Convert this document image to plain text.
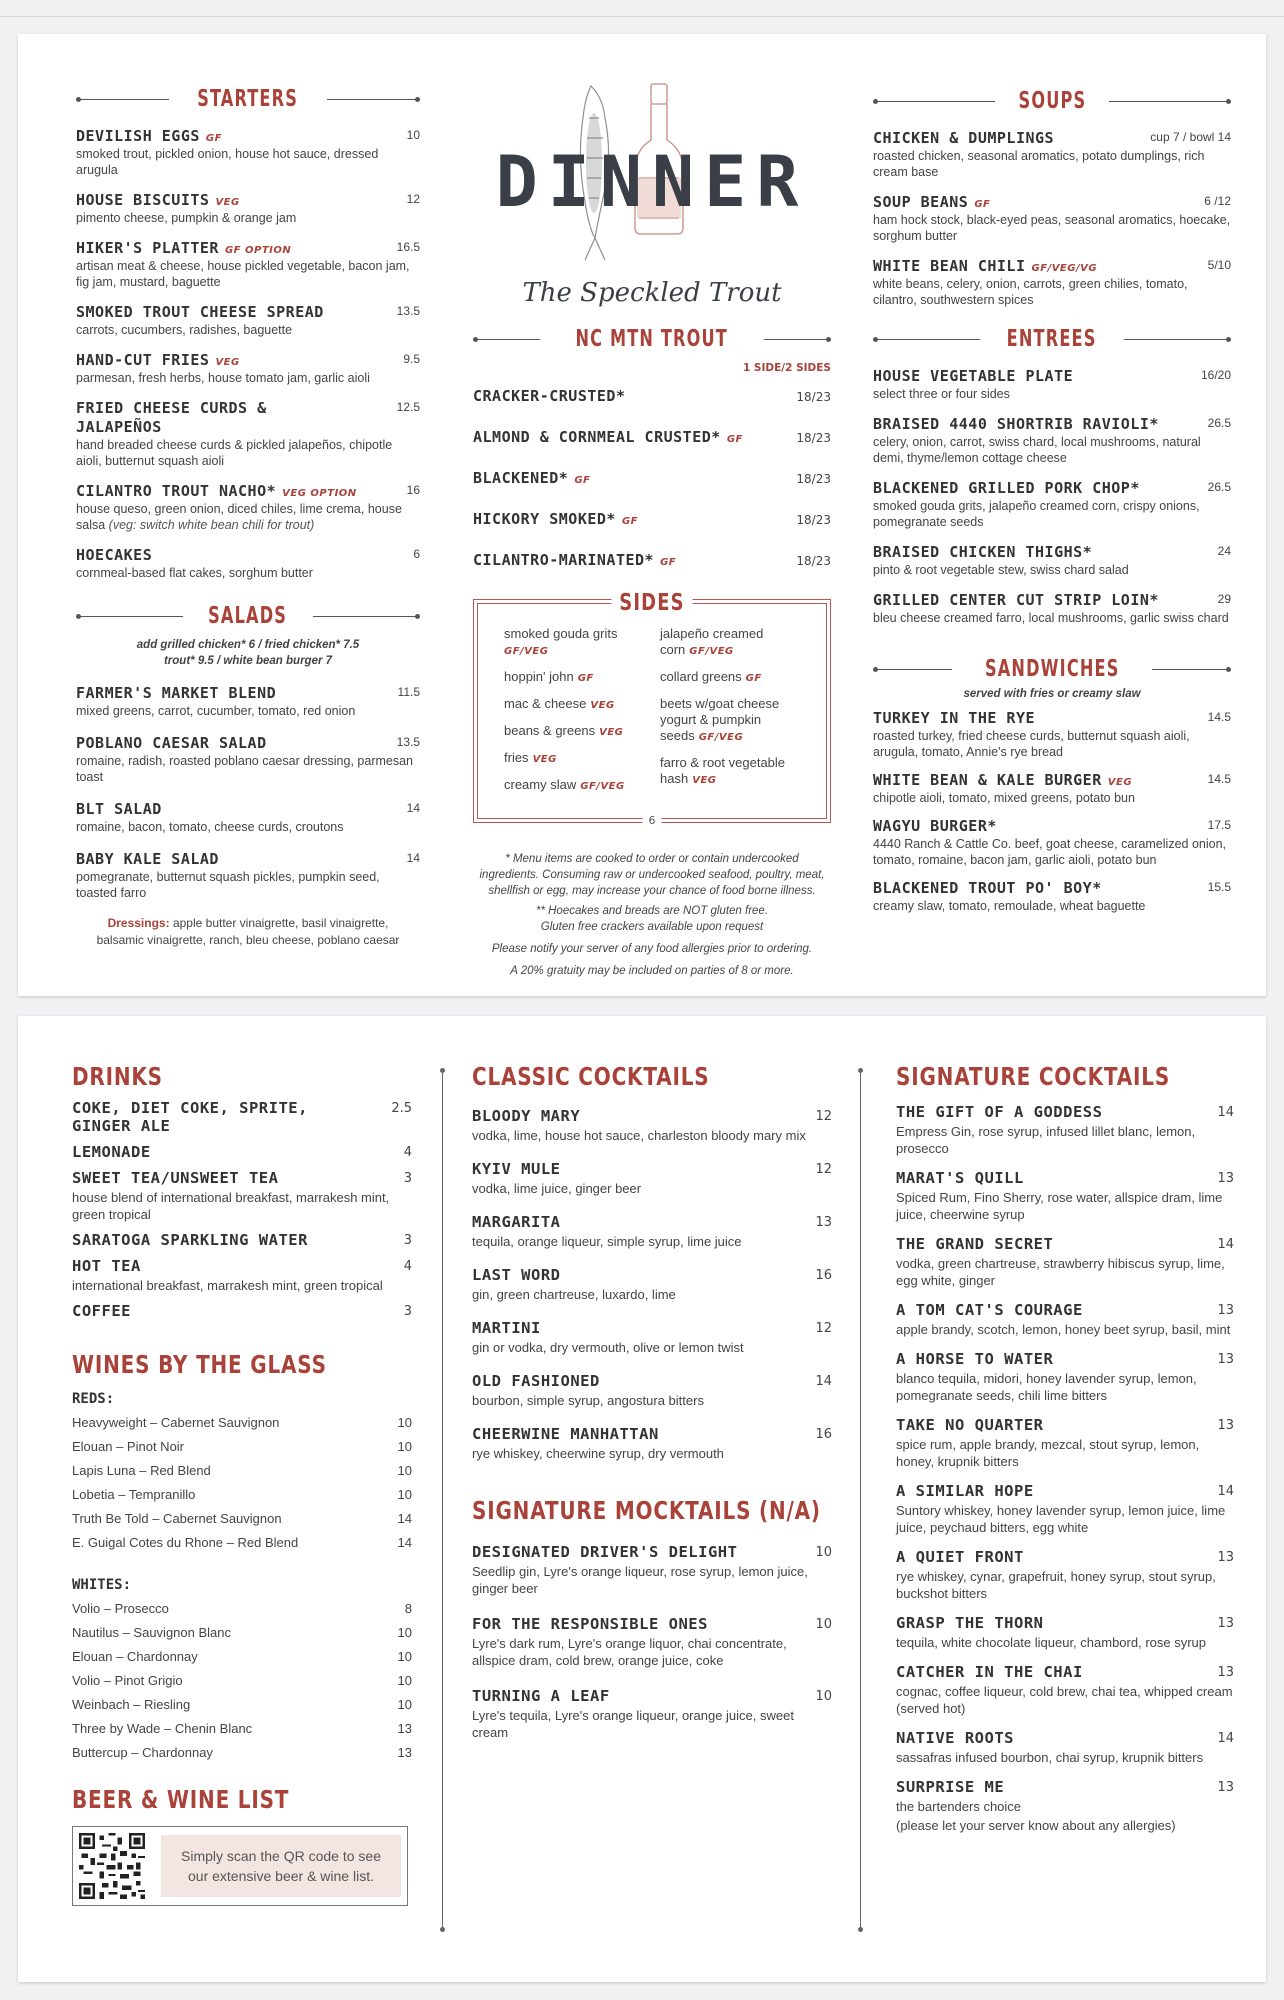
STARTERS
DEVILISH EGGS GF	10
smoked trout, pickled onion, house hot sauce, dressed arugula
HOUSE BISCUITS VEG	12
pimento cheese, pumpkin & orange jam
HIKER'S PLATTER GF OPTION	16.5
artisan meat & cheese, house pickled vegetable, bacon jam, fig jam, mustard, baguette
SMOKED TROUT CHEESE SPREAD	13.5
carrots, cucumbers, radishes, baguette
HAND-CUT FRIES VEG	9.5
parmesan, fresh herbs, house tomato jam, garlic aioli
FRIED CHEESE CURDS & JALAPEÑOS
12.5
hand breaded cheese curds & pickled jalapeños, chipotle aioli, butternut squash aioli
CILANTRO TROUT NACHO* VEG OPTION	16
house queso, green onion, diced chiles, lime crema, house salsa (veg: switch white bean chili for trout)
HOECAKES	6
cornmeal-based flat cakes, sorghum butter
SALADS
add grilled chicken* 6 / fried chicken* 7.5
trout* 9.5 / white bean burger 7
FARMER'S MARKET BLEND	11.5
mixed greens, carrot, cucumber, tomato, red onion
POBLANO CAESAR SALAD	13.5
romaine, radish, roasted poblano caesar dressing, parmesan toast
BLT SALAD	14
romaine, bacon, tomato, cheese curds, croutons
BABY KALE SALAD	14
pomegranate, butternut squash pickles, pumpkin seed, toasted farro
Dressings: apple butter vinaigrette, basil vinaigrette,
balsamic vinaigrette, ranch, bleu cheese, poblano caesar
DINNER
The Speckled Trout
NC MTN TROUT
1 SIDE/2 SIDES
CRACKER-CRUSTED*	18/23
ALMOND & CORNMEAL CRUSTED* GF	18/23
BLACKENED* GF	18/23
HICKORY SMOKED* GF	18/23
CILANTRO-MARINATED* GF	18/23
SIDES
smoked gouda grits
GF/VEG
hoppin' john GF
mac & cheese VEG
beans & greens VEG
fries VEG
creamy slaw GF/VEG
jalapeño creamed corn GF/VEG
collard greens GF
beets w/goat cheese yogurt & pumpkin seeds GF/VEG
farro & root vegetable hash VEG
6
* Menu items are cooked to order or contain undercooked ingredients. Consuming raw or undercooked seafood, poultry, meat, shellfish or egg, may increase your chance of food borne illness.
** Hoecakes and breads are NOT gluten free. Gluten free crackers available upon request
Please notify your server of any food allergies prior to ordering.
A 20% gratuity may be included on parties of 8 or more.
SOUPS
CHICKEN & DUMPLINGS	cup 7 / bowl 14
roasted chicken, seasonal aromatics, potato dumplings, rich cream base
SOUP BEANS GF	6 /12
ham hock stock, black-eyed peas, seasonal aromatics, hoecake, sorghum butter
WHITE BEAN CHILI GF/VEG/VG	5/10
white beans, celery, onion, carrots, green chilies, tomato, cilantro, southwestern spices
ENTREES
HOUSE VEGETABLE PLATE	16/20
select three or four sides
BRAISED 4440 SHORTRIB RAVIOLI*	26.5
celery, onion, carrot, swiss chard, local mushrooms, natural demi, thyme/lemon cottage cheese
BLACKENED GRILLED PORK CHOP*	26.5
smoked gouda grits, jalapeño creamed corn, crispy onions, pomegranate seeds
BRAISED CHICKEN THIGHS*	24
pinto & root vegetable stew, swiss chard salad
GRILLED CENTER CUT STRIP LOIN*	29
bleu cheese creamed farro, local mushrooms, garlic swiss chard
SANDWICHES
served with fries or creamy slaw
TURKEY IN THE RYE	14.5
roasted turkey, fried cheese curds, butternut squash aioli, arugula, tomato, Annie's rye bread
WHITE BEAN & KALE BURGER VEG	14.5
chipotle aioli, tomato, mixed greens, potato bun
WAGYU BURGER*	17.5
4440 Ranch & Cattle Co. beef, goat cheese, caramelized onion, tomato, romaine, bacon jam, garlic aioli, potato bun
BLACKENED TROUT PO' BOY*	15.5
creamy slaw, tomato, remoulade, wheat baguette
DRINKS
COKE, DIET COKE, SPRITE, GINGER ALE
2.5
LEMONADE	4
SWEET TEA/UNSWEET TEA	3
house blend of international breakfast, marrakesh mint, green tropical
SARATOGA SPARKLING WATER	3
HOT TEA	4
international breakfast, marrakesh mint, green tropical
COFFEE	3
WINES BY THE GLASS
REDS:
Heavyweight – Cabernet Sauvignon	10
Elouan – Pinot Noir	10
Lapis Luna – Red Blend	10
Lobetia – Tempranillo	10
Truth Be Told – Cabernet Sauvignon	14
E. Guigal Cotes du Rhone – Red Blend	14
WHITES:
Volio – Prosecco	8
Nautilus – Sauvignon Blanc	10
Elouan – Chardonnay	10
Volio – Pinot Grigio	10
Weinbach – Riesling	10
Three by Wade – Chenin Blanc	13
Buttercup – Chardonnay	13
BEER & WINE LIST
Simply scan the QR code to see our extensive beer & wine list.
CLASSIC COCKTAILS
BLOODY MARY	12
vodka, lime, house hot sauce, charleston bloody mary mix
KYIV MULE	12
vodka, lime juice, ginger beer
MARGARITA	13
tequila, orange liqueur, simple syrup, lime juice
LAST WORD	16
gin, green chartreuse, luxardo, lime
MARTINI	12
gin or vodka, dry vermouth, olive or lemon twist
OLD FASHIONED	14
bourbon, simple syrup, angostura bitters
CHEERWINE MANHATTAN	16
rye whiskey, cheerwine syrup, dry vermouth
SIGNATURE MOCKTAILS (N/A)
DESIGNATED DRIVER'S DELIGHT	10
Seedlip gin, Lyre's orange liqueur, rose syrup, lemon juice, ginger beer
FOR THE RESPONSIBLE ONES	10
Lyre's dark rum, Lyre's orange liquor, chai concentrate, allspice dram, cold brew, orange juice, coke
TURNING A LEAF	10
Lyre's tequila, Lyre's orange liqueur, orange juice, sweet cream
SIGNATURE COCKTAILS
THE GIFT OF A GODDESS	14
Empress Gin, rose syrup, infused lillet blanc, lemon, prosecco
MARAT'S QUILL	13
Spiced Rum, Fino Sherry, rose water, allspice dram, lime juice, cheerwine syrup
THE GRAND SECRET	14
vodka, green chartreuse, strawberry hibiscus syrup, lime, egg white, ginger
A TOM CAT'S COURAGE	13
apple brandy, scotch, lemon, honey beet syrup, basil, mint
A HORSE TO WATER	13
blanco tequila, midori, honey lavender syrup, lemon, pomegranate seeds, chili lime bitters
TAKE NO QUARTER	13
spice rum, apple brandy, mezcal, stout syrup, lemon, honey, krupnik bitters
A SIMILAR HOPE	14
Suntory whiskey, honey lavender syrup, lemon juice, lime juice, peychaud bitters, egg white
A QUIET FRONT	13
rye whiskey, cynar, grapefruit, honey syrup, stout syrup, buckshot bitters
GRASP THE THORN	13
tequila, white chocolate liqueur, chambord, rose syrup
CATCHER IN THE CHAI	13
cognac, coffee liqueur, cold brew, chai tea, whipped cream (served hot)
NATIVE ROOTS	14
sassafras infused bourbon, chai syrup, krupnik bitters
SURPRISE ME	13
the bartenders choice
(please let your server know about any allergies)
